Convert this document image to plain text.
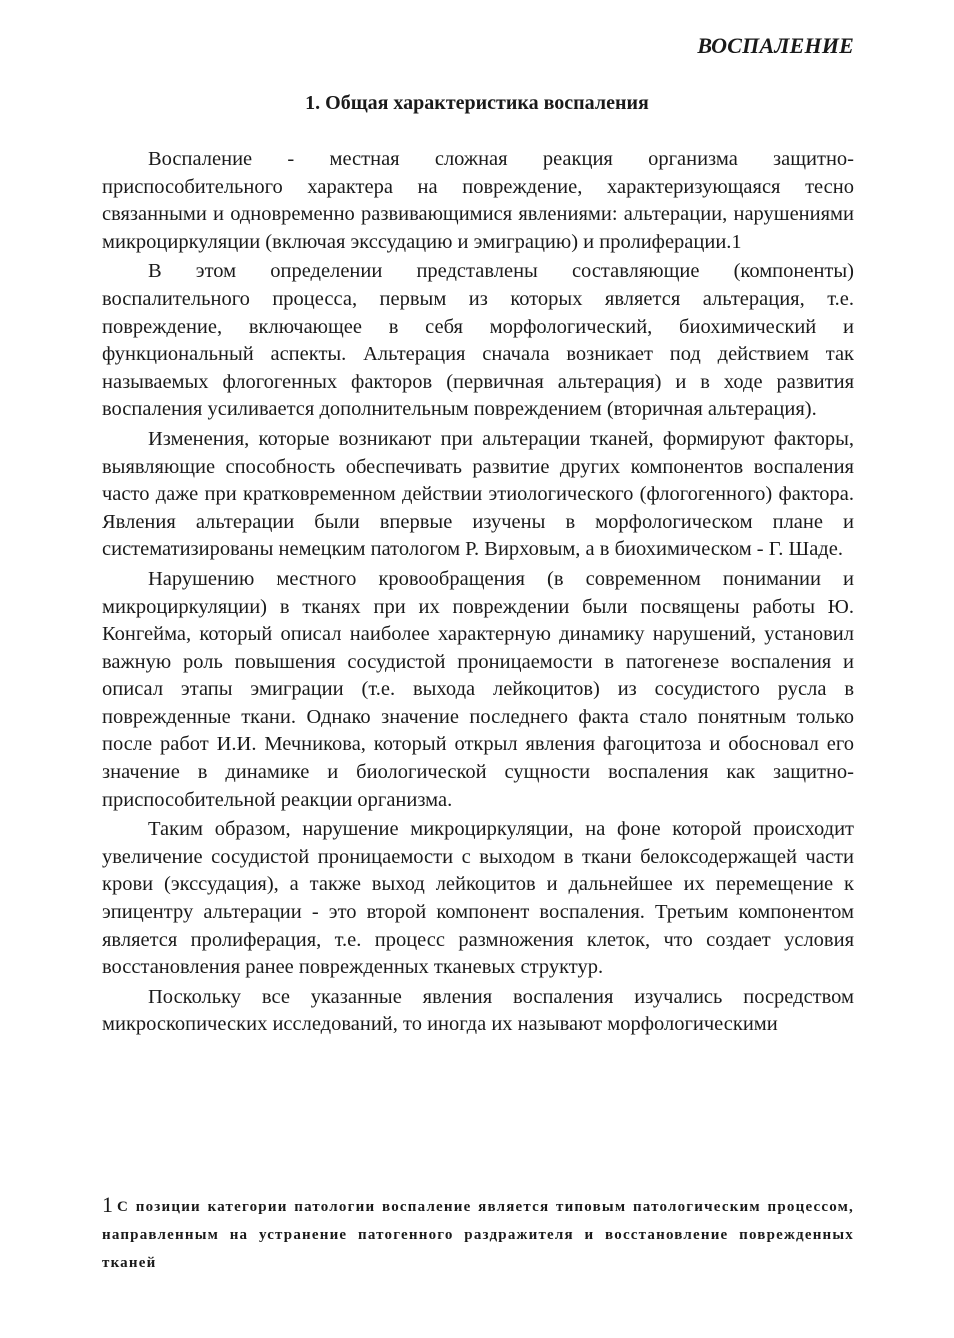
ВОСПАЛЕНИЕ
1. Общая характеристика воспаления

Воспаление - местная сложная реакция организма защитно-приспособительного характера на повреждение, характеризующаяся тесно связанными и одновременно развивающимися явлениями: альтерации, нарушениями микроциркуляции (включая экссудацию и эмиграцию) и пролиферации.1

В этом определении представлены составляющие (компоненты) воспалительного процесса, первым из которых является альтерация, т.е. повреждение, включающее в себя морфологический, биохимический и функциональный аспекты. Альтерация сначала возникает под действием так называемых флогогенных факторов (первичная альтерация) и в ходе развития воспаления усиливается дополнительным повреждением (вторичная альтерация).

Изменения, которые возникают при альтерации тканей, формируют факторы, выявляющие способность обеспечивать развитие других компонентов воспаления часто даже при кратковременном действии этиологического (флогогенного) фактора. Явления альтерации были впервые изучены в морфологическом плане и систематизированы немецким патологом Р. Вирховым, а в биохимическом - Г. Шаде.

Нарушению местного кровообращения (в современном понимании и микроциркуляции) в тканях при их повреждении были посвящены работы Ю. Конгейма, который описал наиболее характерную динамику нарушений, установил важную роль повышения сосудистой проницаемости в патогенезе воспаления и описал этапы эмиграции (т.е. выхода лейкоцитов) из сосудистого русла в поврежденные ткани. Однако значение последнего факта стало понятным только после работ И.И. Мечникова, который открыл явления фагоцитоза и обосновал его значение в динамике и биологической сущности воспаления как защитно-приспособительной реакции организма.

Таким образом, нарушение микроциркуляции, на фоне которой происходит увеличение сосудистой проницаемости с выходом в ткани белоксодержащей части крови (экссудация), а также выход лейкоцитов и дальнейшее их перемещение к эпицентру альтерации - это второй компонент воспаления. Третьим компонентом является пролиферация, т.е. процесс размножения клеток, что создает условия восстановления ранее поврежденных тканевых структур.

Поскольку все указанные явления воспаления изучались посредством микроскопических исследований, то иногда их называют морфологическими

1 С позиции категории патологии воспаление является типовым патологическим процессом, направленным на устранение патогенного раздражителя и восстановление поврежденных тканей
